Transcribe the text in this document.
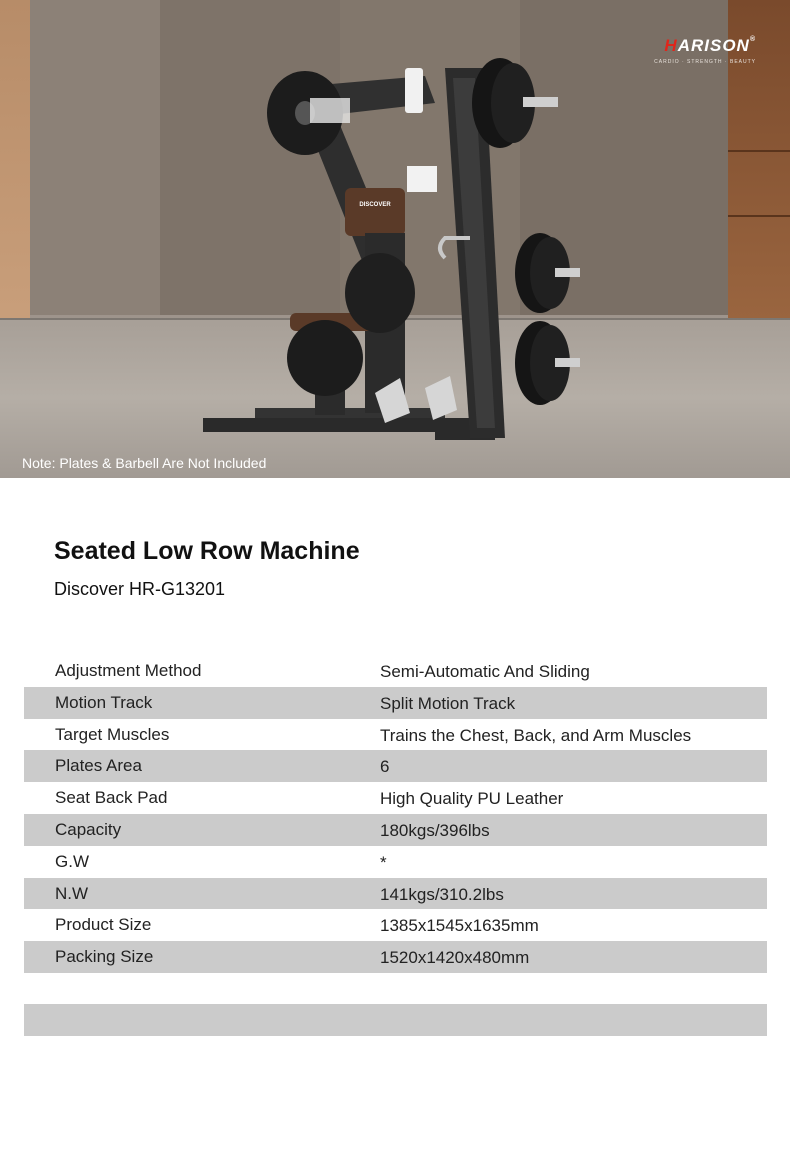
DISCOVER
HARISON®
CARDIO · STRENGTH · BEAUTY
Note: Plates & Barbell Are Not Included
Seated Low Row Machine
Discover HR-G13201
Adjustment Method	Semi-Automatic And Sliding
Motion Track	Split Motion Track
Target Muscles	Trains the Chest, Back, and Arm Muscles
Plates Area	6
Seat Back Pad	High Quality PU Leather
Capacity	180kgs/396lbs
G.W	*
N.W	141kgs/310.2lbs
Product Size	1385x1545x1635mm
Packing Size	1520x1420x480mm
